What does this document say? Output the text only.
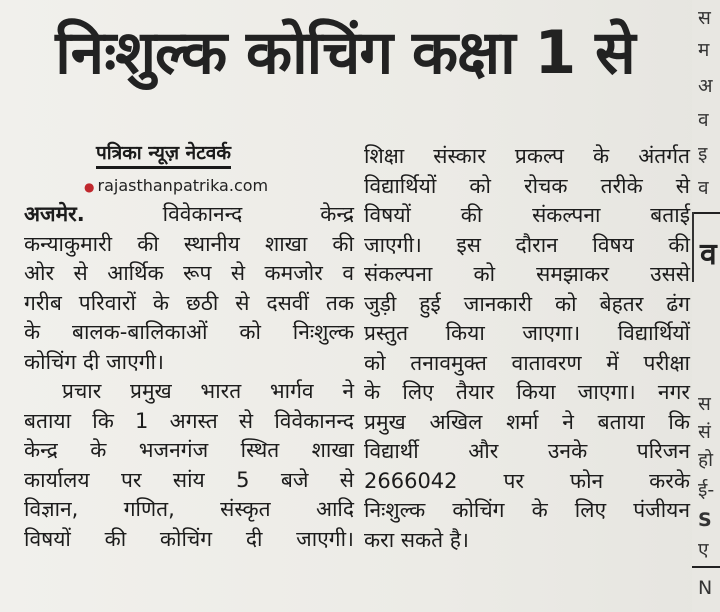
निःशुल्क कोचिंग कक्षा 1 से
पत्रिका न्यूज़ नेटवर्क
● rajasthanpatrika.com
अजमेर.	विवेकानन्द केन्द्र
कन्याकुमारी की स्थानीय शाखा की
ओर से आर्थिक रूप से कमजोर व
गरीब परिवारों के छठी से दसवीं तक
के बालक-बालिकाओं को निःशुल्क
कोचिंग दी जाएगी।
प्रचार प्रमुख भारत भार्गव ने
बताया कि 1 अगस्त से विवेकानन्द
केन्द्र के भजनगंज स्थित शाखा
कार्यालय पर सांय 5 बजे से
विज्ञान, गणित, संस्कृत आदि
विषयों की कोचिंग दी जाएगी।
शिक्षा संस्कार प्रकल्प के अंतर्गत
विद्यार्थियों को रोचक तरीके से
विषयों की संकल्पना बताई
जाएगी। इस दौरान विषय की
संकल्पना को समझाकर उससे
जुड़ी हुई जानकारी को बेहतर ढंग
प्रस्तुत किया जाएगा। विद्यार्थियों
को तनावमुक्त वातावरण में परीक्षा
के लिए तैयार किया जाएगा। नगर
प्रमुख अखिल शर्मा ने बताया कि
विद्यार्थी और उनके परिजन
2666042 पर फोन करके
निःशुल्क कोचिंग के लिए पंजीयन
करा सकते है।
स
म
अ
व
इ
व
व
स
सं
हो
ई-
S
ए
N
